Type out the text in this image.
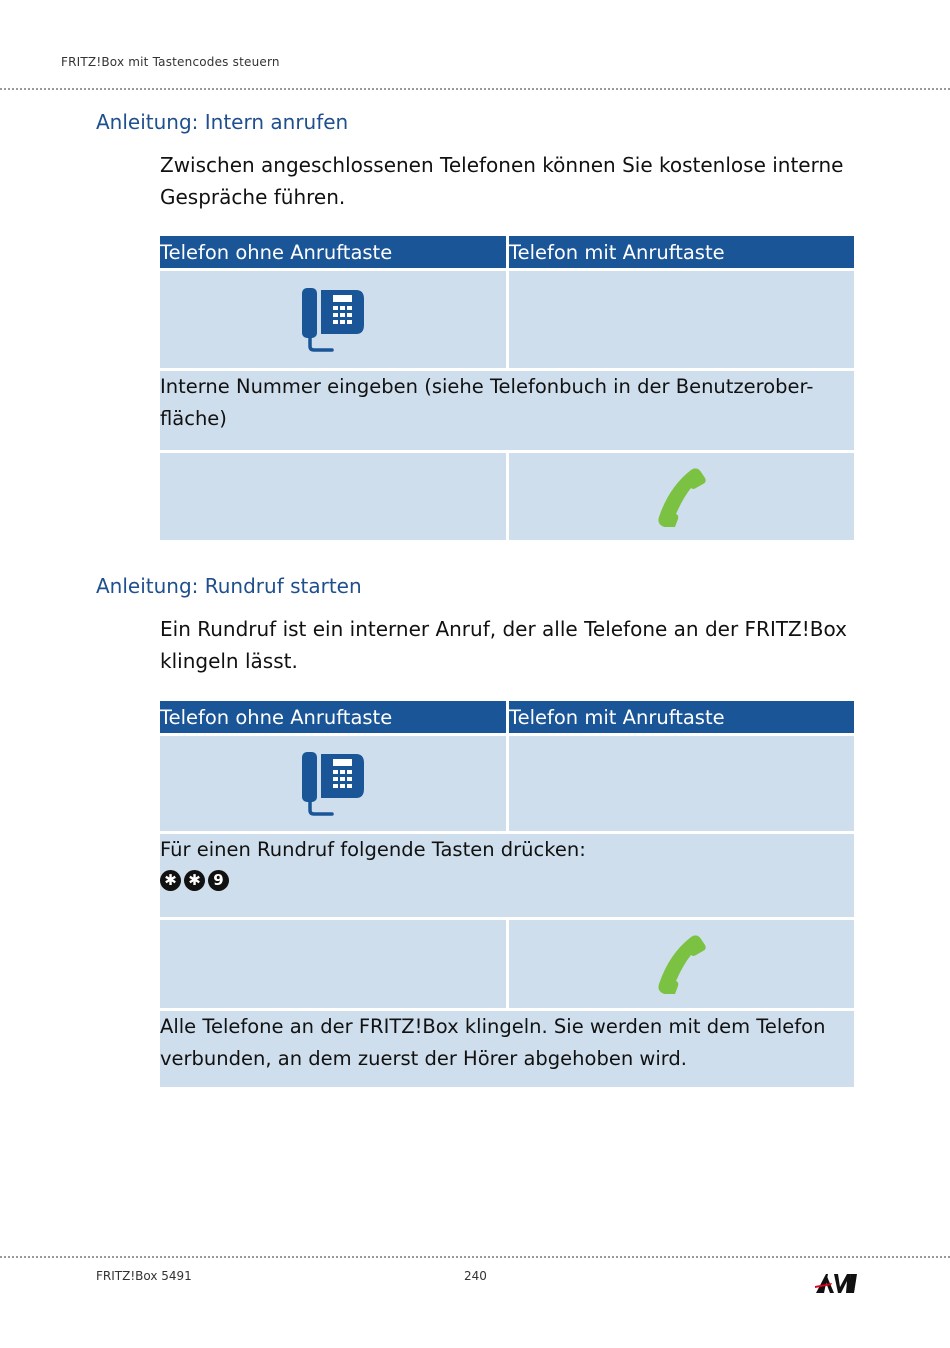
FRITZ!Box mit Tastencodes steuern
Anleitung: Intern anrufen
Zwischen angeschlossenen Telefonen können Sie kostenlose interne
Gespräche führen.
Telefon ohne Anruftaste	Telefon mit Anruftaste

Interne Nummer eingeben (siehe Telefonbuch in der Benutzerober-
fläche)	

Anleitung: Rundruf starten
Ein Rundruf ist ein interner Anruf, der alle Telefone an der FRITZ!Box
klingeln lässt.
Telefon ohne Anruftaste	Telefon mit Anruftaste

Für einen Rundruf folgende Tasten drücken:
✱ ✱ 9	

Alle Telefone an der FRITZ!Box klingeln. Sie werden mit dem Telefon
verbunden, an dem zuerst der Hörer abgehoben wird.	
FRITZ!Box 5491	240
